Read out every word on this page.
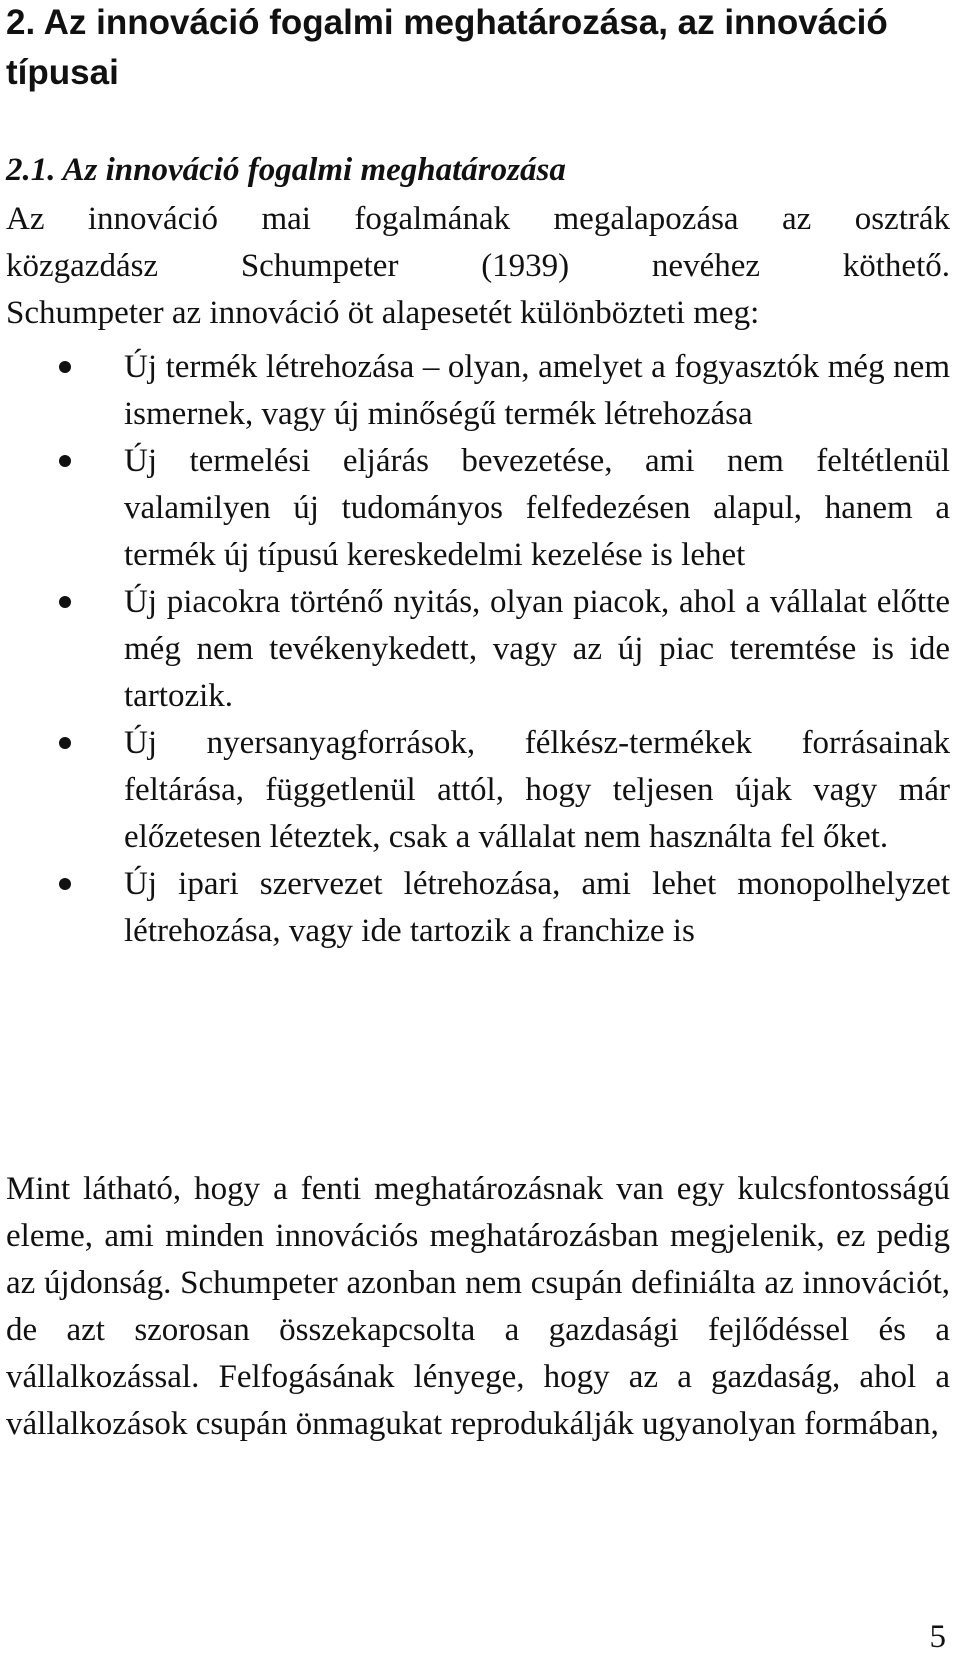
2. Az innováció fogalmi meghatározása, az innováció típusai
2.1. Az innováció fogalmi meghatározása

Az innováció mai fogalmának megalapozása az osztrák
közgazdász Schumpeter (1939) nevéhez köthető.
Schumpeter az innováció öt alapesetét különbözteti meg:

Új termék létrehozása – olyan, amelyet a fogyasztók még nem ismernek, vagy új minőségű termék létrehozása
Új termelési eljárás bevezetése, ami nem feltétlenül valamilyen új tudományos felfedezésen alapul, hanem a termék új típusú kereskedelmi kezelése is lehet
Új piacokra történő nyitás, olyan piacok, ahol a vállalat előtte még nem tevékenykedett, vagy az új piac teremtése is ide tartozik.
Új nyersanyagforrások, félkész-termékek forrásainak feltárása, függetlenül attól, hogy teljesen újak vagy már előzetesen léteztek, csak a vállalat nem használta fel őket.
Új ipari szervezet létrehozása, ami lehet monopolhelyzet létrehozása, vagy ide tartozik a franchize is

Mint látható, hogy a fenti meghatározásnak van egy kulcsfontosságú eleme, ami minden innovációs meghatározásban megjelenik, ez pedig az újdonság. Schumpeter azonban nem csupán definiálta az innovációt, de azt szorosan összekapcsolta a gazdasági fejlődéssel és a vállalkozással. Felfogásának lényege, hogy az a gazdaság, ahol a vállalkozások csupán önmagukat reprodukálják ugyanolyan formában,

5
